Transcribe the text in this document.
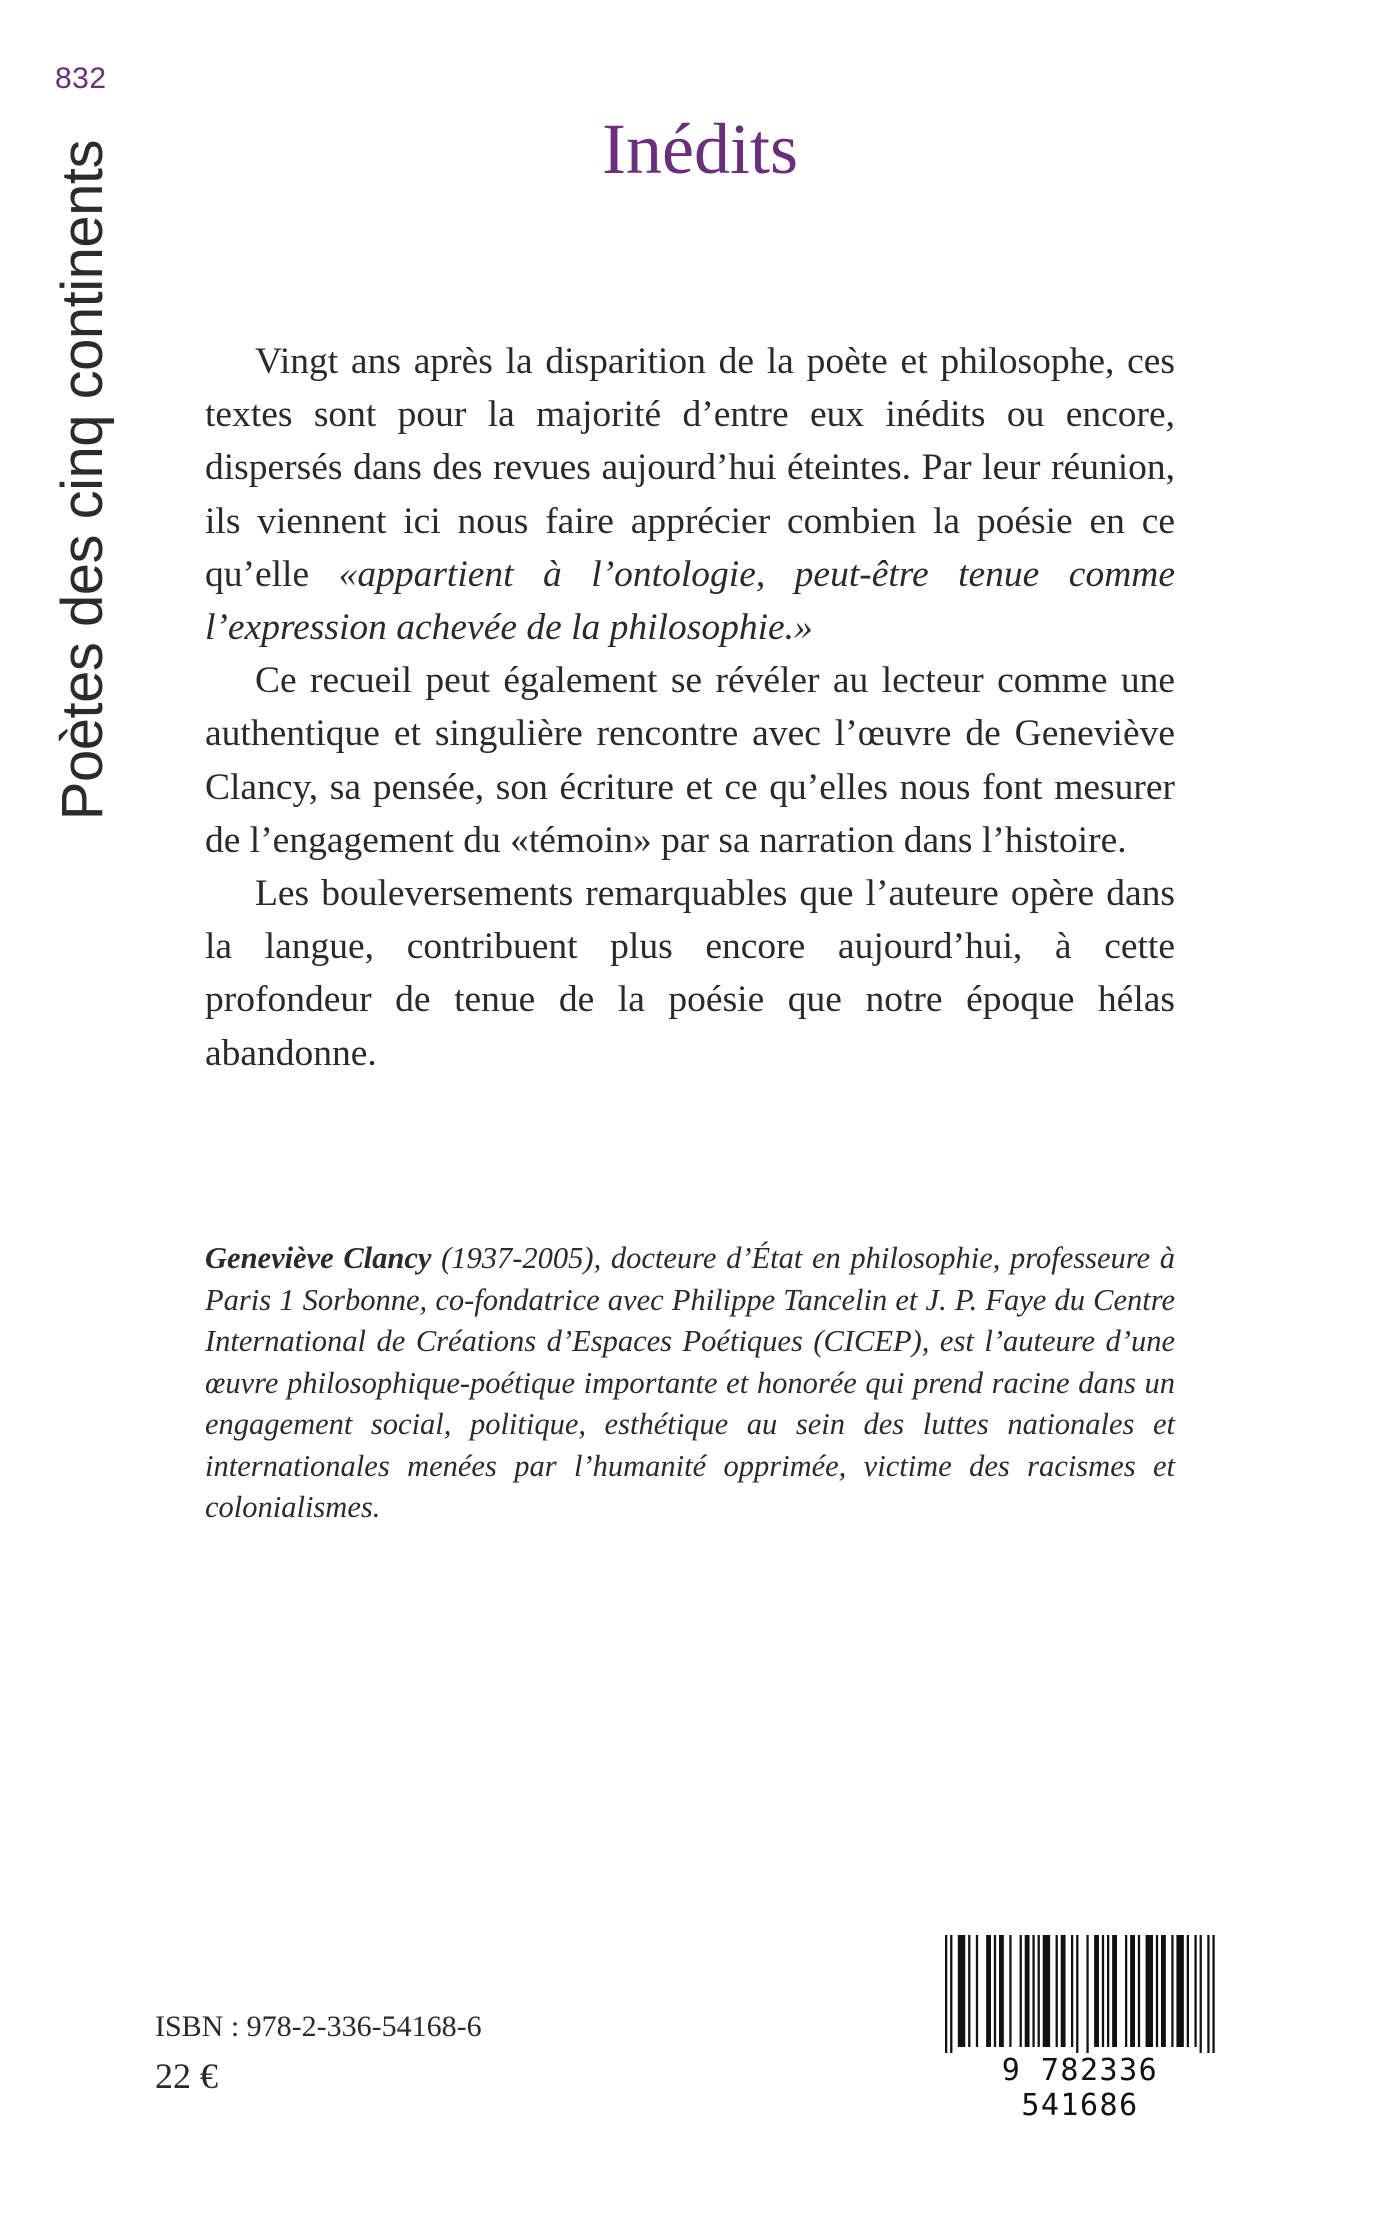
832
Poètes des cinq continents	Inédits

Vingt ans après la disparition de la poète et philosophe, ces textes sont pour la majorité d’entre eux inédits ou encore, dispersés dans des revues aujourd’hui éteintes. Par leur réunion, ils viennent ici nous faire apprécier combien la poésie en ce qu’elle «appartient à l’ontologie, peut-être tenue comme l’expression achevée de la philosophie.»

Ce recueil peut également se révéler au lecteur comme une authentique et singulière rencontre avec l’œuvre de Geneviève Clancy, sa pensée, son écriture et ce qu’elles nous font mesurer de l’engagement du «témoin» par sa narration dans l’histoire.

Les bouleversements remarquables que l’auteure opère dans la langue, contribuent plus encore aujourd’hui, à cette profondeur de tenue de la poésie que notre époque hélas abandonne.

Geneviève Clancy (1937-2005), docteure d’État en philosophie, professeure à Paris 1 Sorbonne, co-fondatrice avec Philippe Tancelin et J. P. Faye du Centre International de Créations d’Espaces Poétiques (CICEP), est l’auteure d’une œuvre philosophique-poétique importante et honorée qui prend racine dans un engagement social, politique, esthétique au sein des luttes nationales et internationales menées par l’humanité opprimée, victime des racismes et colonialismes.
ISBN : 978-2-336-54168-6
22 €	9 782336 541686
